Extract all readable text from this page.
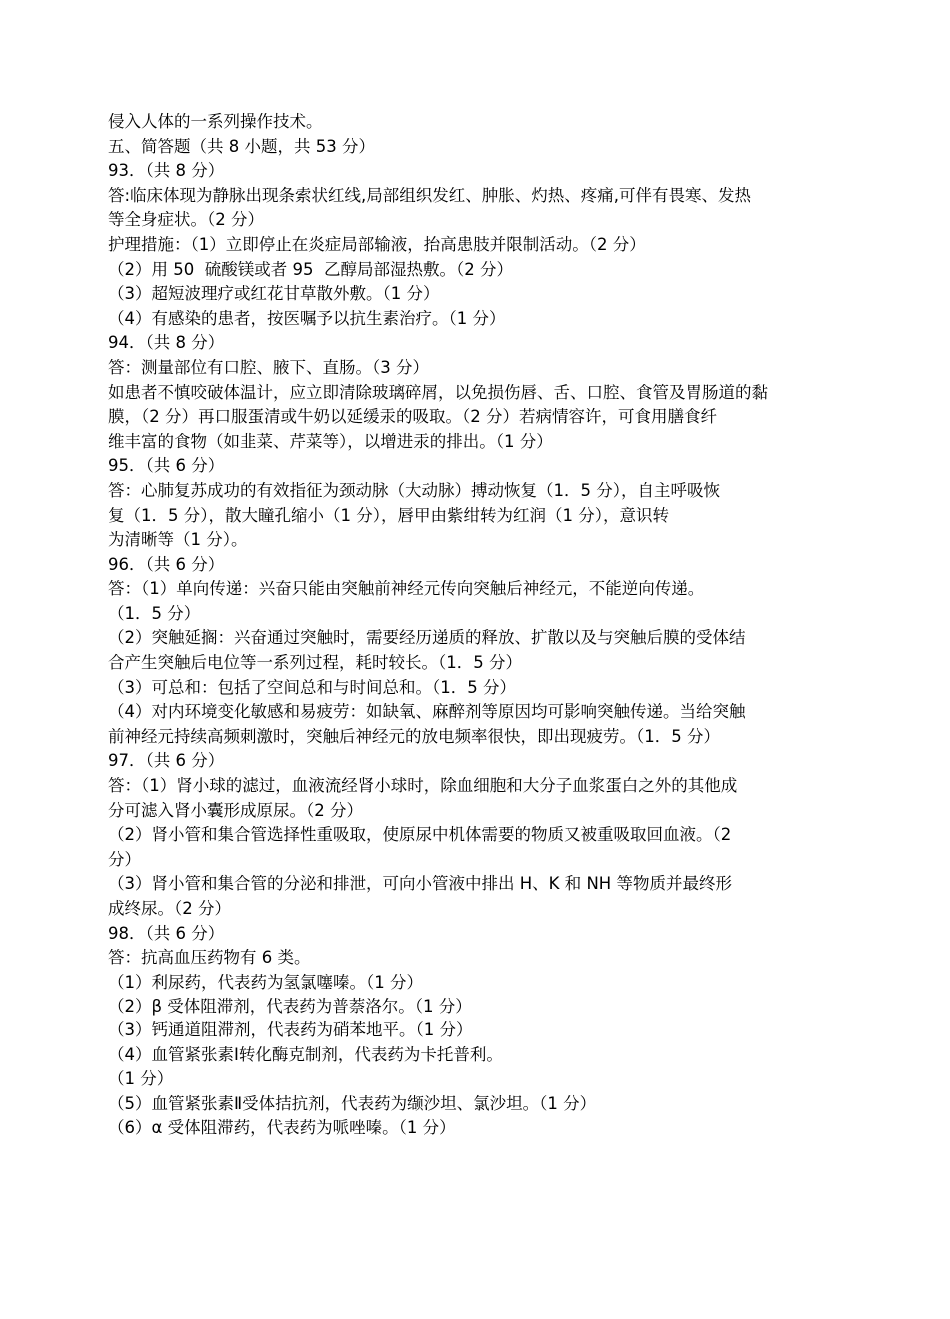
侵入人体的一系列操作技术。
五、简答题（共 8 小题，共 53 分）
93．（共 8 分）
答:临床体现为静脉出现条索状红线,局部组织发红、肿胀、灼热、疼痛,可伴有畏寒、发热
等全身症状。（2 分）
护理措施：（1）立即停止在炎症局部输液，抬高患肢并限制活动。（2 分）
（2）用 50  硫酸镁或者 95  乙醇局部湿热敷。（2 分）
（3）超短波理疗或红花甘草散外敷。（1 分）
（4）有感染的患者，按医嘱予以抗生素治疗。（1 分）
94．（共 8 分）
答：测量部位有口腔、腋下、直肠。（3 分）
如患者不慎咬破体温计，应立即清除玻璃碎屑，以免损伤唇、舌、口腔、食管及胃肠道的黏
膜，（2 分）再口服蛋清或牛奶以延缓汞的吸取。（2 分）若病情容许，可食用膳食纤
维丰富的食物（如韭菜、芹菜等），以增进汞的排出。（1 分）
95．（共 6 分）
答：心肺复苏成功的有效指征为颈动脉（大动脉）搏动恢复（1．5 分），自主呼吸恢
复（1．5 分），散大瞳孔缩小（1 分），唇甲由紫绀转为红润（1 分），意识转
为清晰等（1 分）。
96．（共 6 分）
答：（1）单向传递：兴奋只能由突触前神经元传向突触后神经元，不能逆向传递。
（1．5 分）
（2）突触延搁：兴奋通过突触时，需要经历递质的释放、扩散以及与突触后膜的受体结
合产生突触后电位等一系列过程，耗时较长。（1．5 分）
（3）可总和：包括了空间总和与时间总和。（1．5 分）
（4）对内环境变化敏感和易疲劳：如缺氧、麻醉剂等原因均可影响突触传递。当给突触
前神经元持续高频刺激时，突触后神经元的放电频率很快，即出现疲劳。（1．5 分）
97．（共 6 分）
答：（1）肾小球的滤过，血液流经肾小球时，除血细胞和大分子血浆蛋白之外的其他成
分可滤入肾小囊形成原尿。（2 分）
（2）肾小管和集合管选择性重吸取，使原尿中机体需要的物质又被重吸取回血液。（2
分）
（3）肾小管和集合管的分泌和排泄，可向小管液中排出 H、K 和 NH 等物质并最终形
成终尿。（2 分）
98．（共 6 分）
答：抗高血压药物有 6 类。
（1）利尿药，代表药为氢氯噻嗪。（1 分）
（2）β 受体阻滞剂，代表药为普萘洛尔。（1 分）
（3）钙通道阻滞剂，代表药为硝苯地平。（1 分）
（4）血管紧张素Ⅰ转化酶克制剂，代表药为卡托普利。
（1 分）
（5）血管紧张素Ⅱ受体拮抗剂，代表药为缬沙坦、氯沙坦。（1 分）
（6）α 受体阻滞药，代表药为哌唑嗪。（1 分）
